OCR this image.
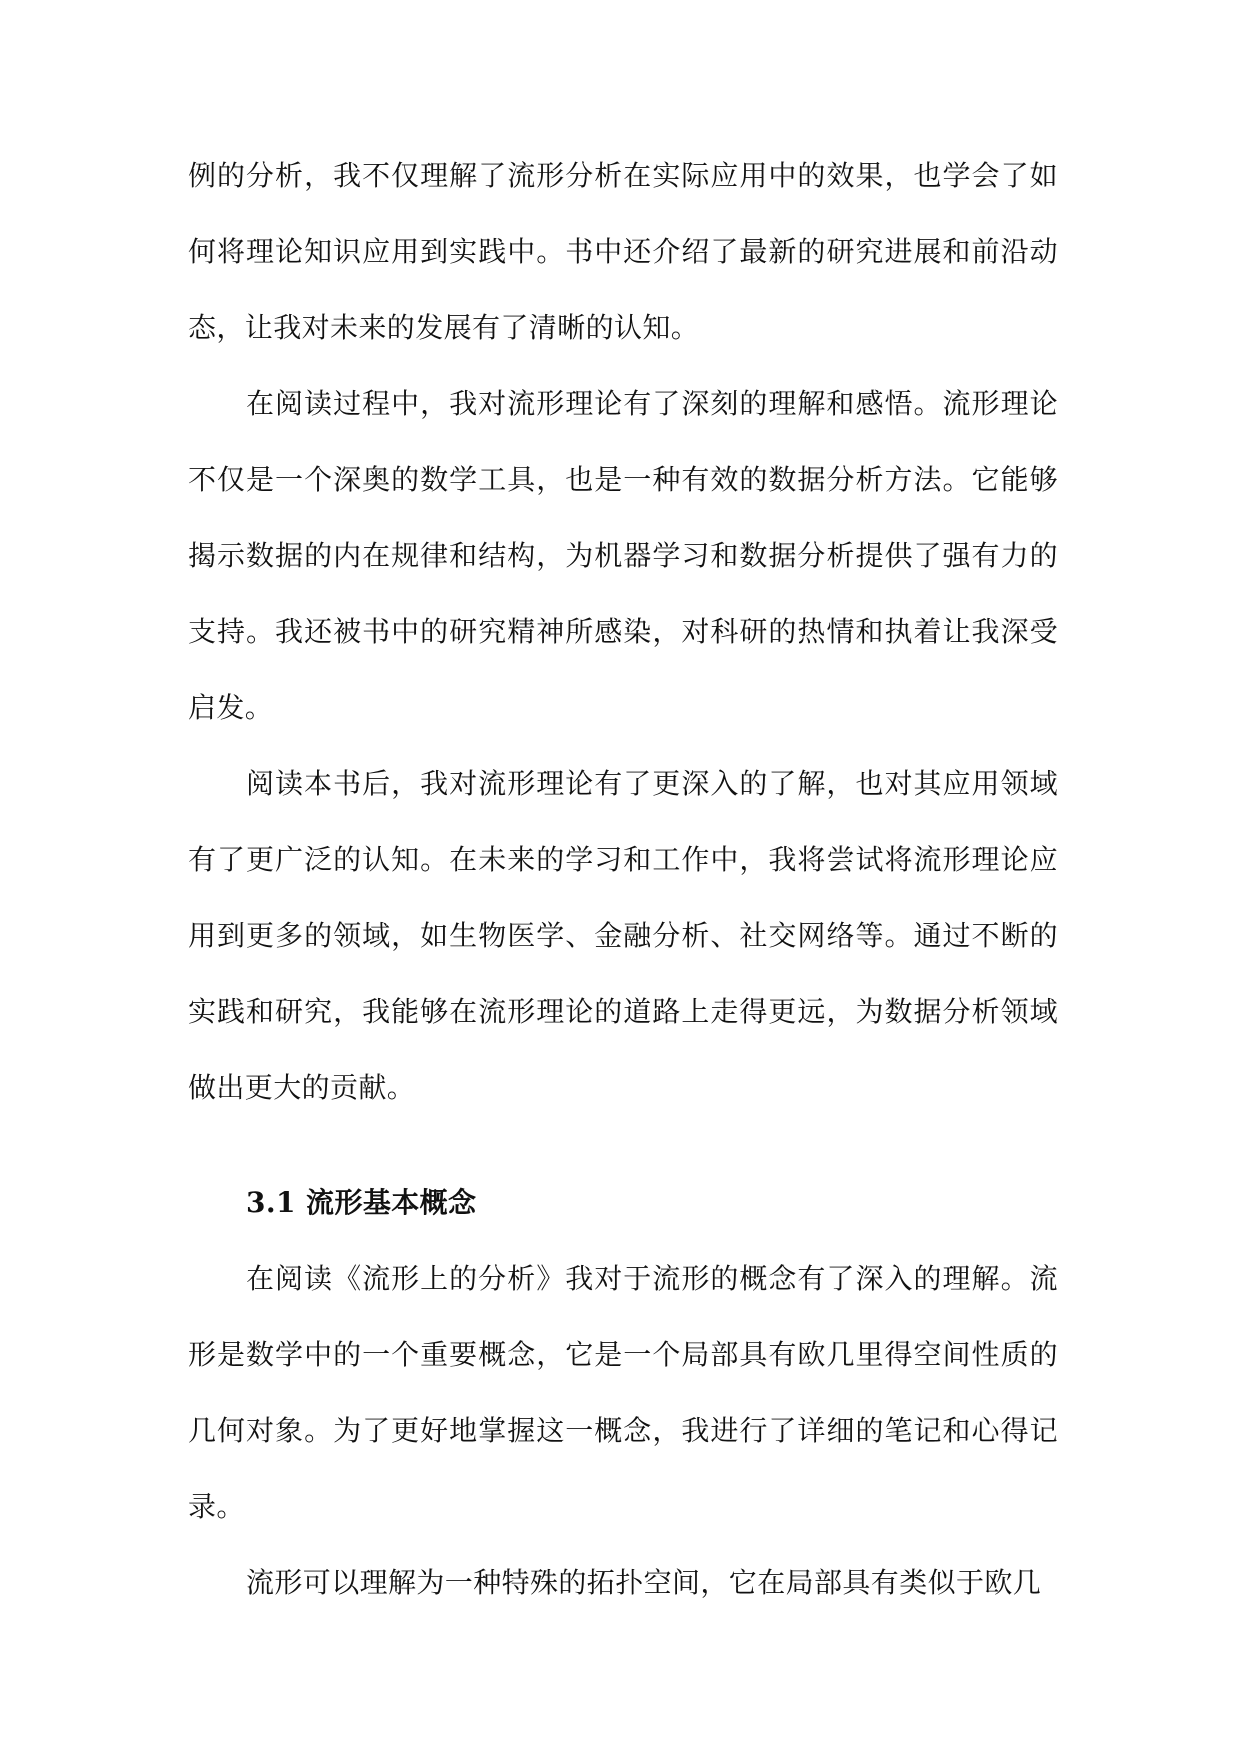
例的分析，我不仅理解了流形分析在实际应用中的效果，也学会了如何将理论知识应用到实践中。书中还介绍了最新的研究进展和前沿动态，让我对未来的发展有了清晰的认知。

在阅读过程中，我对流形理论有了深刻的理解和感悟。流形理论不仅是一个深奥的数学工具，也是一种有效的数据分析方法。它能够揭示数据的内在规律和结构，为机器学习和数据分析提供了强有力的支持。我还被书中的研究精神所感染，对科研的热情和执着让我深受启发。

阅读本书后，我对流形理论有了更深入的了解，也对其应用领域有了更广泛的认知。在未来的学习和工作中，我将尝试将流形理论应用到更多的领域，如生物医学、金融分析、社交网络等。通过不断的实践和研究，我能够在流形理论的道路上走得更远，为数据分析领域做出更大的贡献。

3.1 流形基本概念

在阅读《流形上的分析》我对于流形的概念有了深入的理解。流形是数学中的一个重要概念，它是一个局部具有欧几里得空间性质的几何对象。为了更好地掌握这一概念，我进行了详细的笔记和心得记录。

流形可以理解为一种特殊的拓扑空间，它在局部具有类似于欧几
